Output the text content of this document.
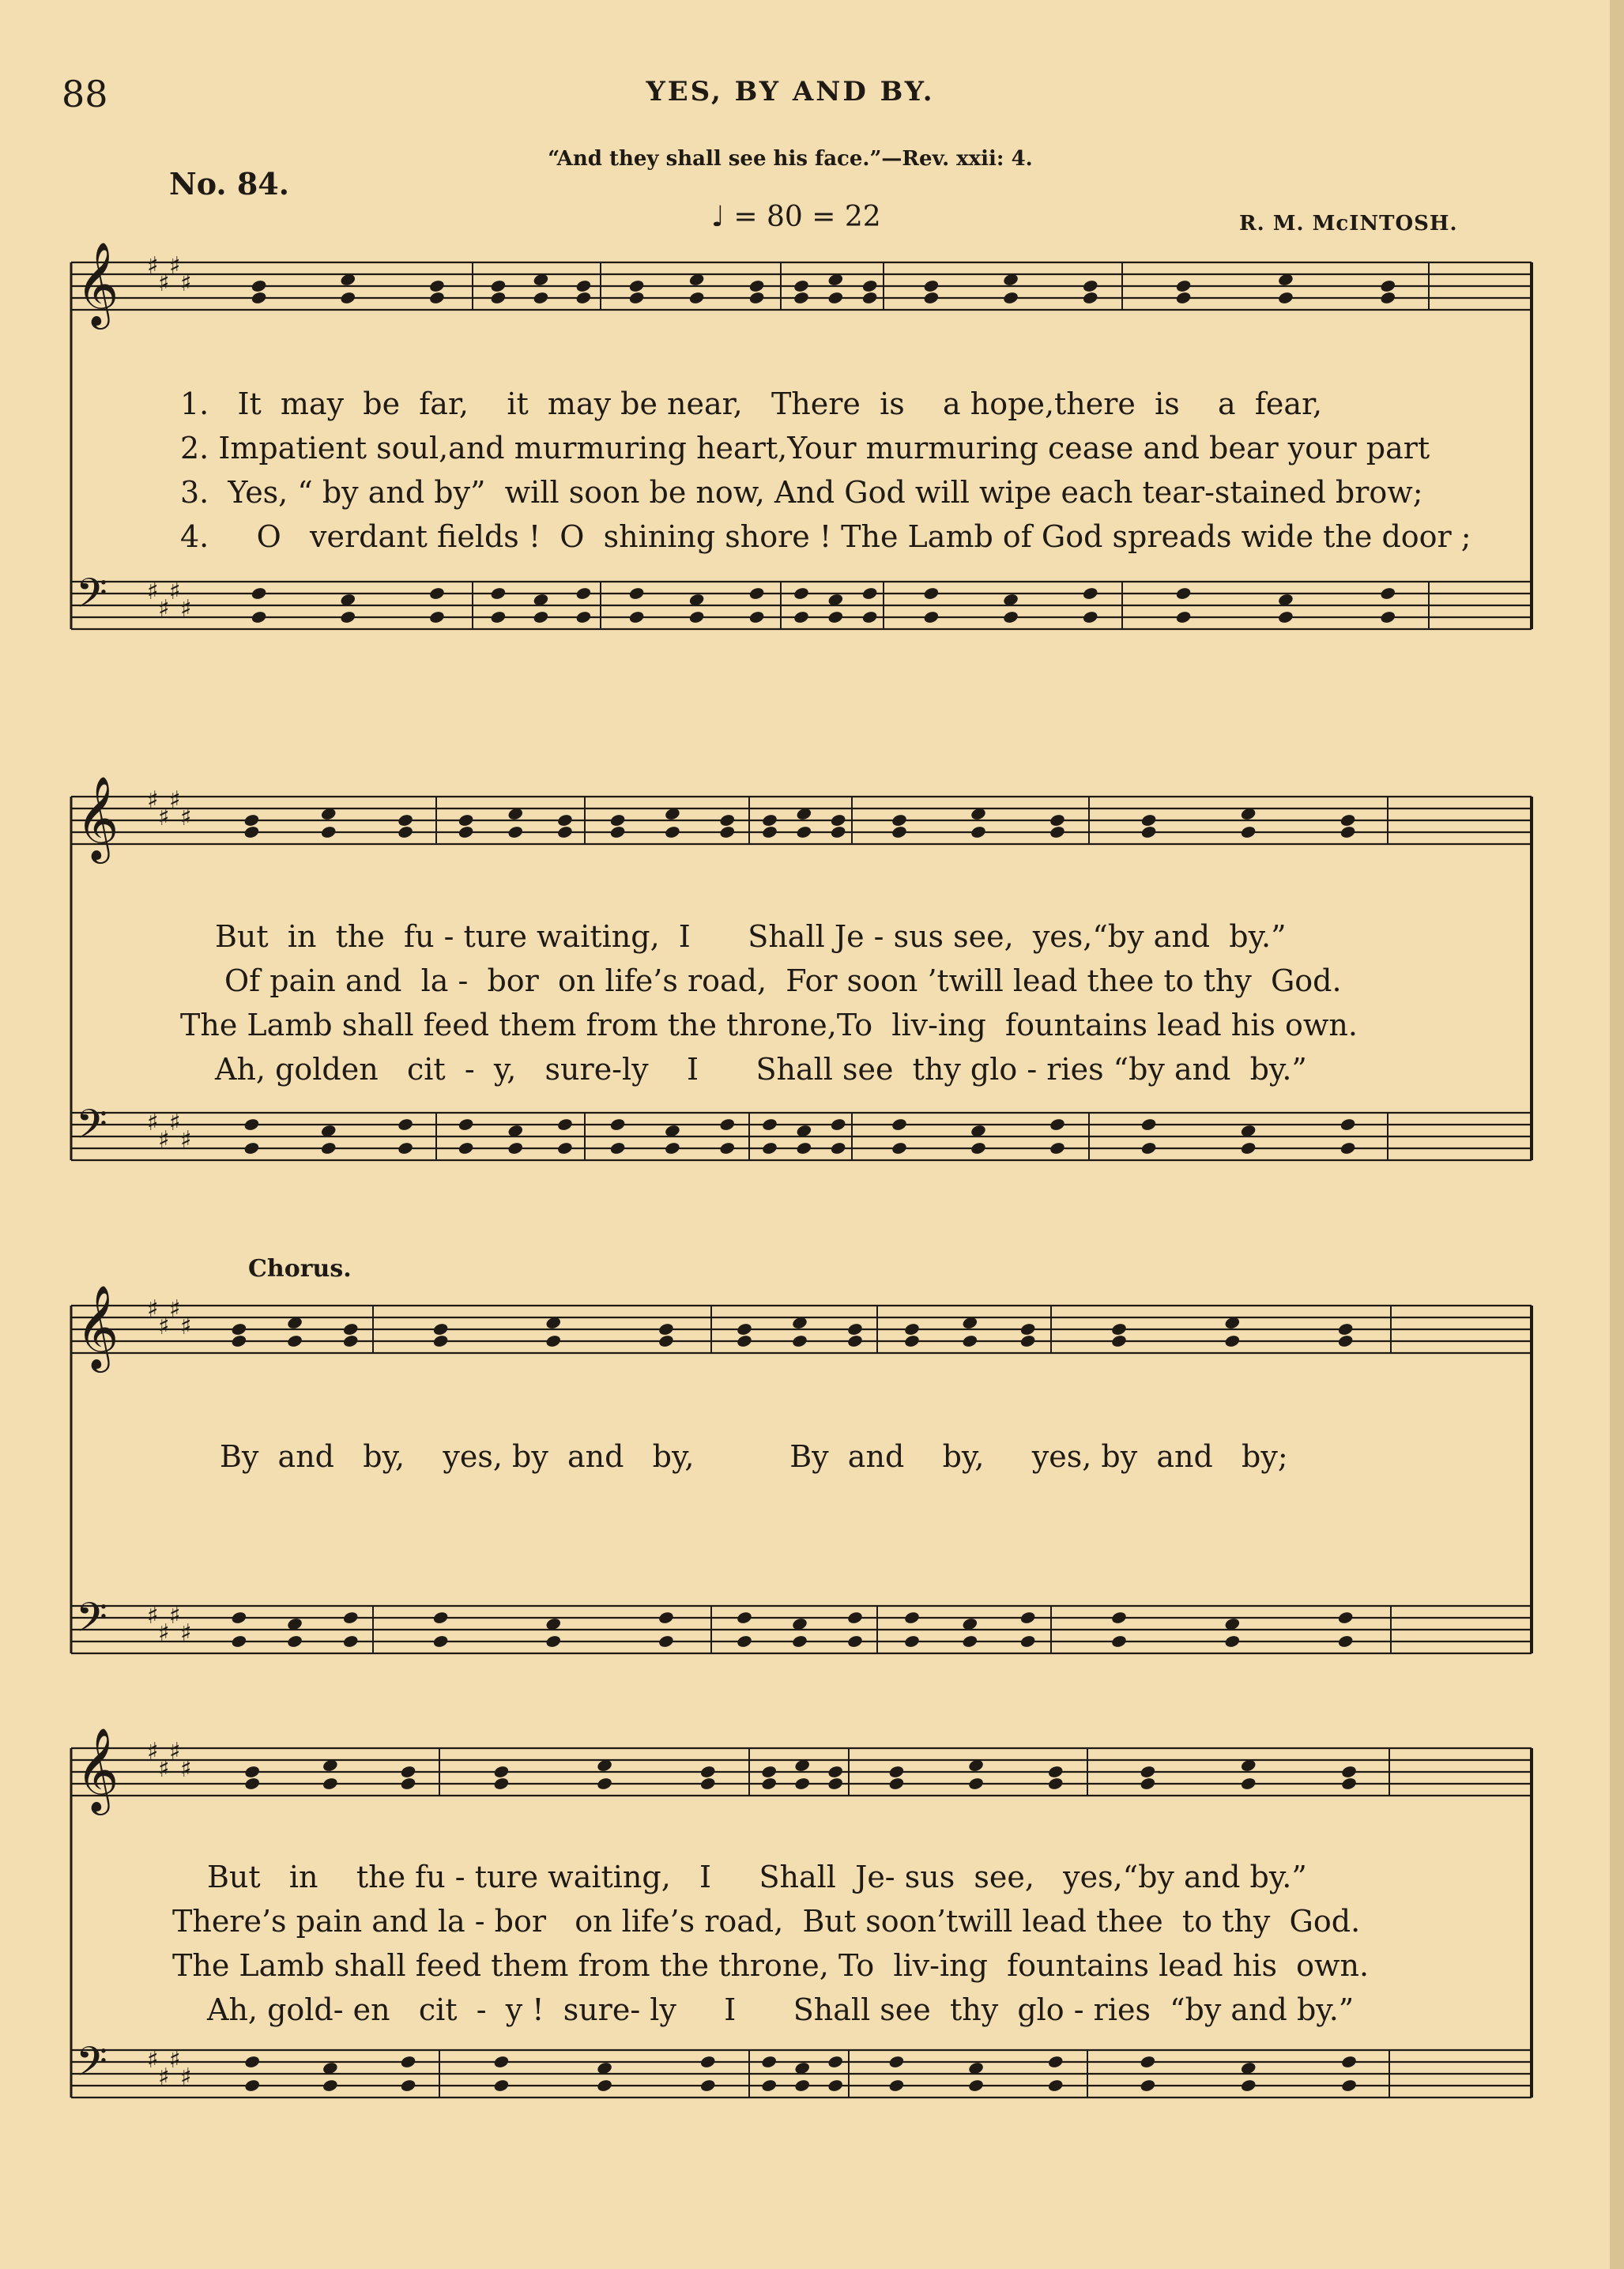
88	YES, BY AND BY.
No. 84.
“And they shall see his face.”—Rev. xxii: 4.
♩ = 80 = 22	R. M. McINTOSH.
Chorus.
𝄞
𝄢
♯
♯
♯
♯
♯
♯
♯
♯
𝄞
𝄢
♯
♯
♯
♯
♯
♯
♯
♯
𝄞
𝄢
♯
♯
♯
♯
♯
♯
♯
♯
𝄞
𝄢
♯
♯
♯
♯
♯
♯
♯
♯
1.   It  may  be  far,    it  may be near,   There  is    a hope,there  is    a  fear,
2. Impatient soul,and murmuring heart,Your murmuring cease and bear your part
3.  Yes, “ by and by”  will soon be now, And God will wipe each tear-stained brow;
4.     O   verdant fields !  O  shining shore ! The Lamb of God spreads wide the door ;
But  in  the  fu - ture waiting,  I      Shall Je - sus see,  yes,“by and  by.”
Of pain and  la -  bor  on life’s road,  For soon ’twill lead thee to thy  God.
The Lamb shall feed them from the throne,To  liv-ing  fountains lead his own.
Ah, golden   cit  -  y,   sure-ly    I      Shall see  thy glo - ries “by and  by.”
By  and   by,    yes, by  and   by,          By  and    by,     yes, by  and   by;
But   in    the fu - ture waiting,   I     Shall  Je- sus  see,   yes,“by and by.”
There’s pain and la - bor   on life’s road,  But soon’twill lead thee  to thy  God.
The Lamb shall feed them from the throne, To  liv-ing  fountains lead his  own.
Ah, gold- en   cit  -  y !  sure- ly     I      Shall see  thy  glo - ries  “by and by.”
